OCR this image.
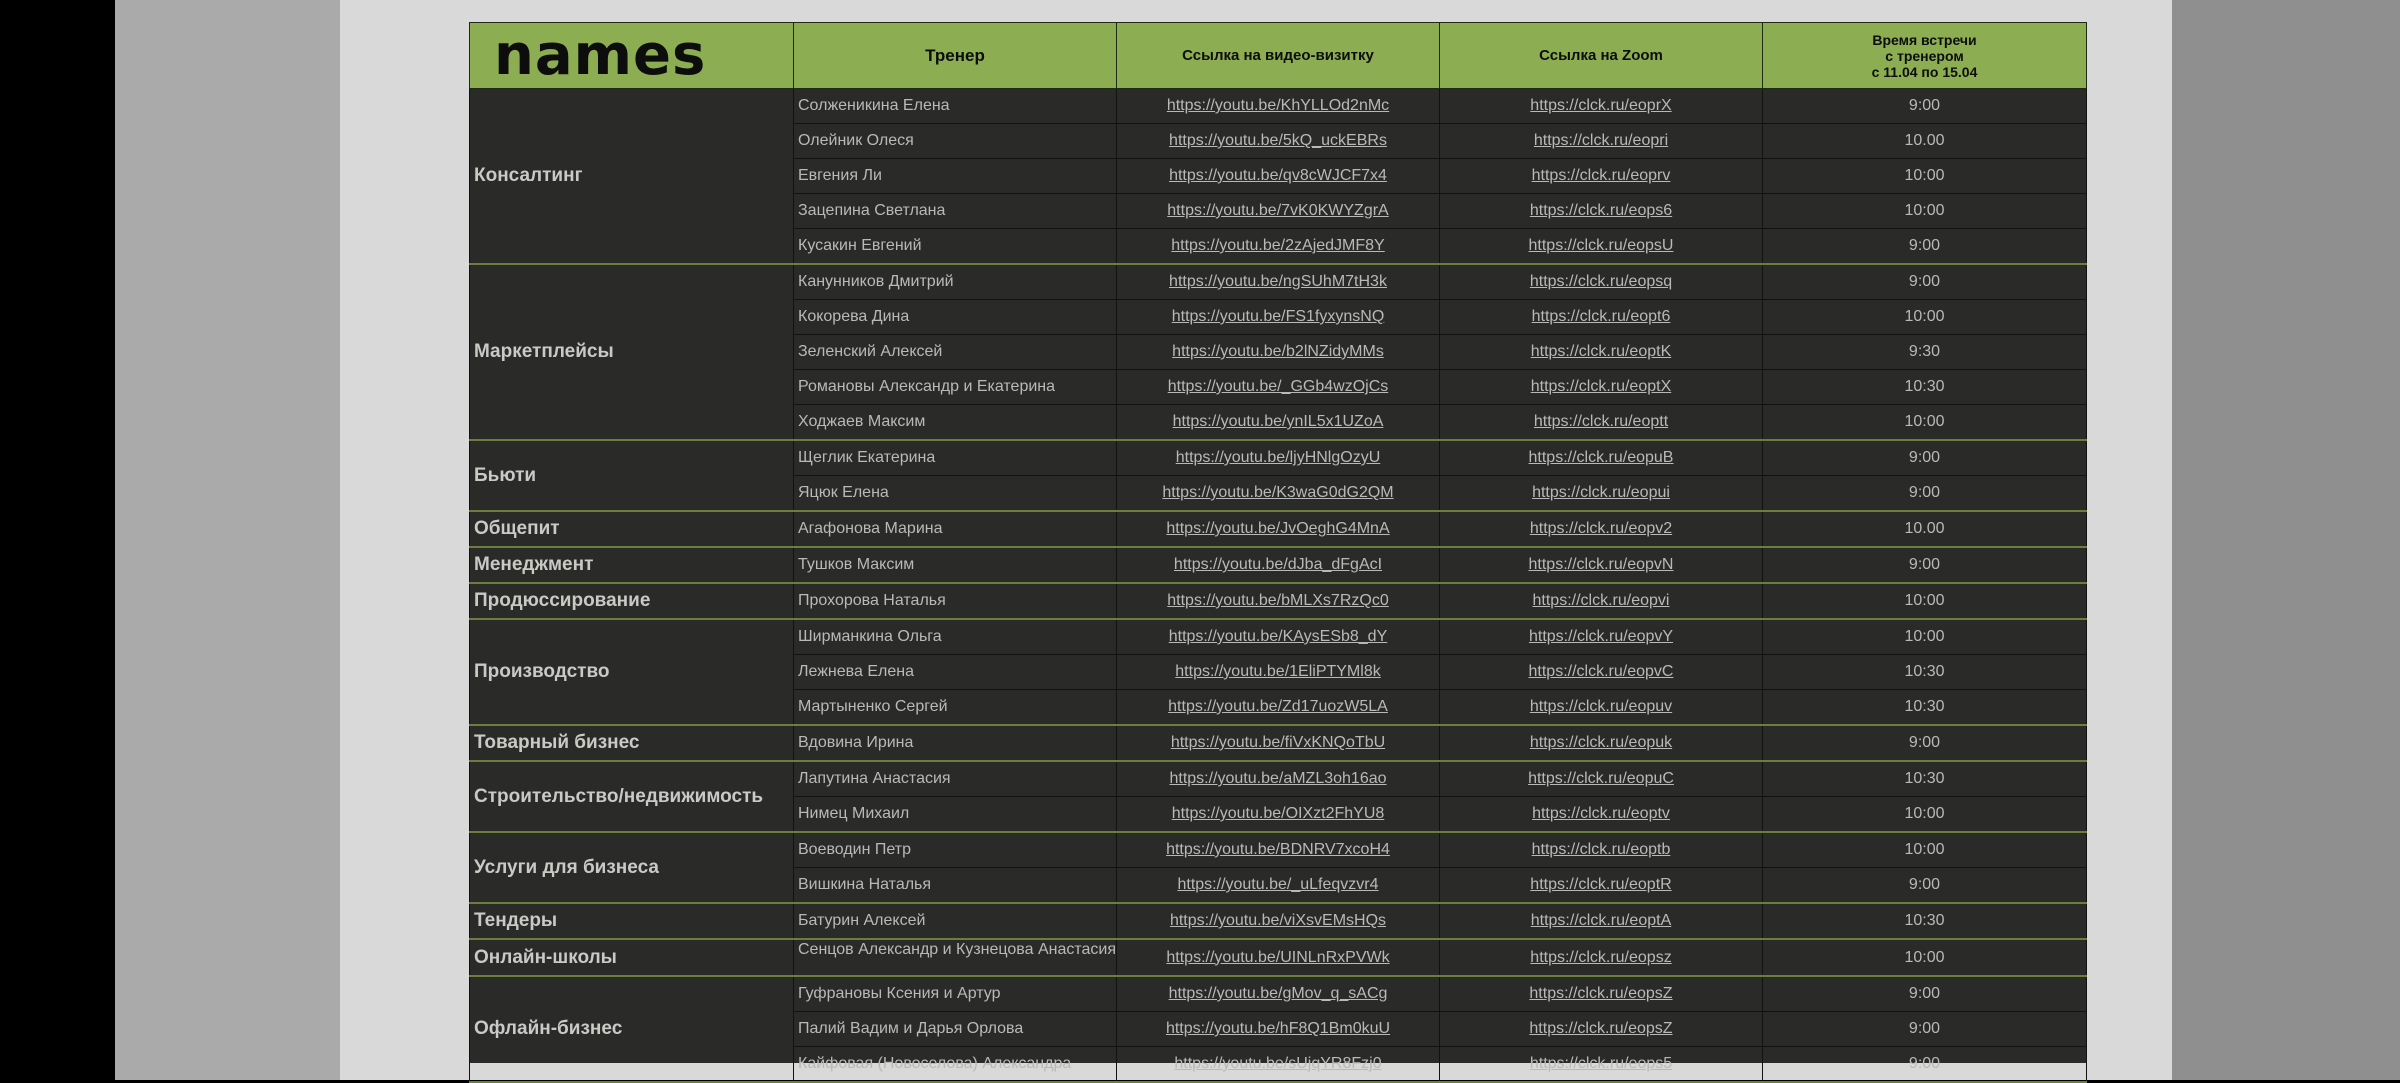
names	Тренер	Ссылка на видео-визитку	Ссылка на Zoom	Время встречи
с тренером
с 11.04 по 15.04

Консалтинг	Солженикина Елена	https://youtu.be/KhYLLOd2nMc	https://clck.ru/eoprX	9:00
	Олейник Олеся	https://youtu.be/5kQ_uckEBRs	https://clck.ru/eopri	10.00
	Евгения Ли	https://youtu.be/qv8cWJCF7x4	https://clck.ru/eoprv	10:00
	Зацепина Светлана	https://youtu.be/7vK0KWYZgrA	https://clck.ru/eops6	10:00
	Кусакин Евгений	https://youtu.be/2zAjedJMF8Y	https://clck.ru/eopsU	9:00
Маркетплейсы	Канунников Дмитрий	https://youtu.be/ngSUhM7tH3k	https://clck.ru/eopsq	9:00
	Кокорева Дина	https://youtu.be/FS1fyxynsNQ	https://clck.ru/eopt6	10:00
	Зеленский Алексей	https://youtu.be/b2lNZidyMMs	https://clck.ru/eoptK	9:30
	Романовы Александр и Екатерина	https://youtu.be/_GGb4wzOjCs	https://clck.ru/eoptX	10:30
	Ходжаев Максим	https://youtu.be/ynIL5x1UZoA	https://clck.ru/eoptt	10:00
Бьюти	Щеглик Екатерина	https://youtu.be/ljyHNlgOzyU	https://clck.ru/eopuB	9:00
	Яцюк Елена	https://youtu.be/K3waG0dG2QM	https://clck.ru/eopui	9:00
Общепит	Агафонова Марина	https://youtu.be/JvOeghG4MnA	https://clck.ru/eopv2	10.00
Менеджмент	Тушков Максим	https://youtu.be/dJba_dFgAcI	https://clck.ru/eopvN	9:00
Продюссирование	Прохорова Наталья	https://youtu.be/bMLXs7RzQc0	https://clck.ru/eopvi	10:00
Производство	Ширманкина Ольга	https://youtu.be/KAysESb8_dY	https://clck.ru/eopvY	10:00
	Лежнева Елена	https://youtu.be/1EliPTYMl8k	https://clck.ru/eopvC	10:30
	Мартыненко Сергей	https://youtu.be/Zd17uozW5LA	https://clck.ru/eopuv	10:30
Товарный бизнес	Вдовина Ирина	https://youtu.be/fiVxKNQoTbU	https://clck.ru/eopuk	9:00
Строительство/недвижимость	Лапутина Анастасия	https://youtu.be/aMZL3oh16ao	https://clck.ru/eopuC	10:30
	Нимец Михаил	https://youtu.be/OIXzt2FhYU8	https://clck.ru/eoptv	10:00
Услуги для бизнеса	Воеводин Петр	https://youtu.be/BDNRV7xcoH4	https://clck.ru/eoptb	10:00
	Вишкина Наталья	https://youtu.be/_uLfeqvzvr4	https://clck.ru/eoptR	9:00
Тендеры	Батурин Алексей	https://youtu.be/viXsvEMsHQs	https://clck.ru/eoptA	10:30
Онлайн-школы	Сенцов Александр и Кузнецова Анастасия	https://youtu.be/UINLnRxPVWk	https://clck.ru/eopsz	10:00
Офлайн-бизнес	Гуфрановы Ксения и Артур	https://youtu.be/gMov_q_sACg	https://clck.ru/eopsZ	9:00
	Палий Вадим и Дарья Орлова	https://youtu.be/hF8Q1Bm0kuU	https://clck.ru/eopsZ	9:00
	Кайфовая (Новоселова) Александра	https://youtu.be/sUjqYR8Fzj0	https://clck.ru/eops5	9:00
